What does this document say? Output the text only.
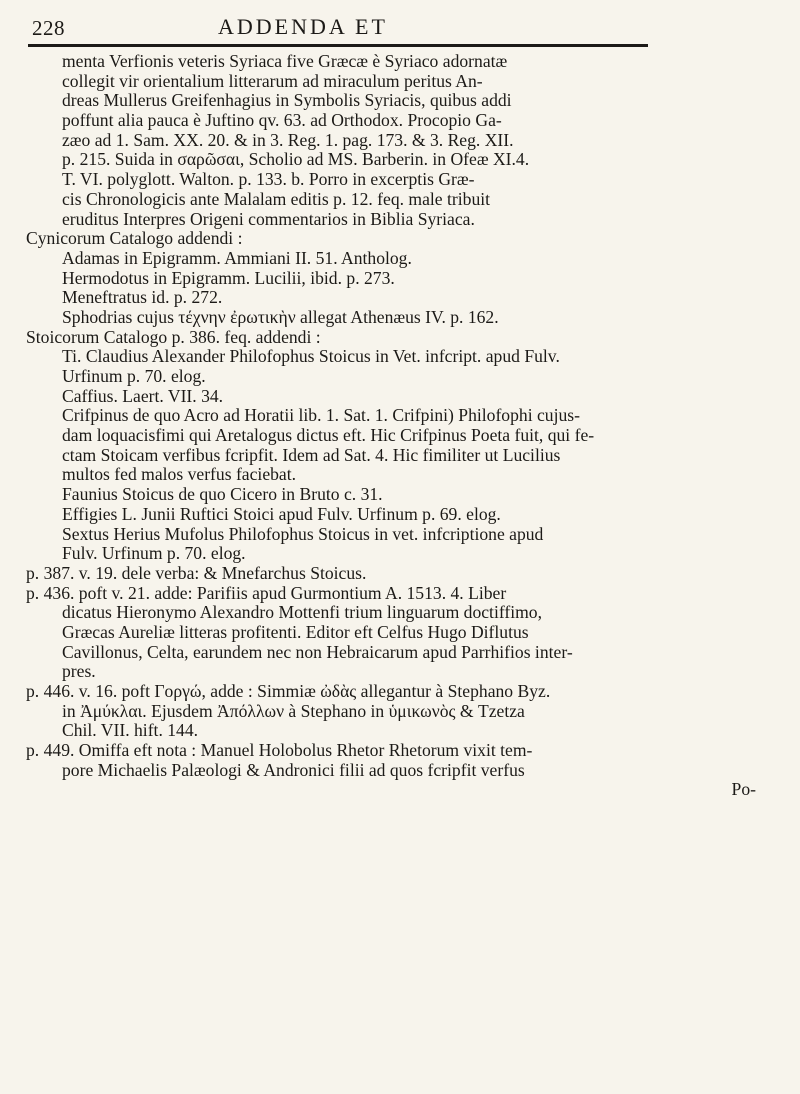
228	ADDENDA ET
menta Verfionis veteris Syriaca five Græcæ è Syriaco adornatæ
collegit vir orientalium litterarum ad miraculum peritus An-
dreas Mullerus Greifenhagius in Symbolis Syriacis, quibus addi
poffunt alia pauca è Juftino qv. 63. ad Orthodox. Procopio Ga-
zæo ad 1. Sam. XX. 20. & in 3. Reg. 1. pag. 173. & 3. Reg. XII.
p. 215. Suida in σαρῶσαι, Scholio ad MS. Barberin. in Ofeæ XI.4.
T. VI. polyglott. Walton. p. 133. b. Porro in excerptis Græ-
cis Chronologicis ante Malalam editis p. 12. feq. male tribuit
eruditus Interpres Origeni commentarios in Biblia Syriaca.
Cynicorum Catalogo addendi :
Adamas in Epigramm. Ammiani II. 51. Antholog.
Hermodotus in Epigramm. Lucilii, ibid. p. 273.
Meneftratus id. p. 272.
Sphodrias cujus τέχνην ἐρωτικὴν allegat Athenæus IV. p. 162.
Stoicorum Catalogo p. 386. feq. addendi :
Ti. Claudius Alexander Philofophus Stoicus in Vet. infcript. apud Fulv.
Urfinum p. 70. elog.
Caffius. Laert. VII. 34.
Crifpinus de quo Acro ad Horatii lib. 1. Sat. 1. Crifpini) Philofophi cujus-
dam loquacisfimi qui Aretalogus dictus eft. Hic Crifpinus Poeta fuit, qui fe-
ctam Stoicam verfibus fcripfit. Idem ad Sat. 4. Hic fimiliter ut Lucilius
multos fed malos verfus faciebat.
Faunius Stoicus de quo Cicero in Bruto c. 31.
Effigies L. Junii Ruftici Stoici apud Fulv. Urfinum p. 69. elog.
Sextus Herius Mufolus Philofophus Stoicus in vet. infcriptione apud
Fulv. Urfinum p. 70. elog.
p. 387. v. 19. dele verba: & Mnefarchus Stoicus.
p. 436. poft v. 21. adde: Parifiis apud Gurmontium A. 1513. 4. Liber
dicatus Hieronymo Alexandro Mottenfi trium linguarum doctiffimo,
Græcas Aureliæ litteras profitenti. Editor eft Celfus Hugo Diflutus
Cavillonus, Celta, earundem nec non Hebraicarum apud Parrhifios inter-
pres.
p. 446. v. 16. poft Γοργώ, adde : Simmiæ ὠδὰς allegantur à Stephano Byz.
in Ἀμύκλαι. Ejusdem Ἀπόλλων à Stephano in ὑμικωνὸς & Tzetza
Chil. VII. hift. 144.
p. 449. Omiffa eft nota : Manuel Holobolus Rhetor Rhetorum vixit tem-
pore Michaelis Palæologi & Andronici filii ad quos fcripfit verfus
Po-
